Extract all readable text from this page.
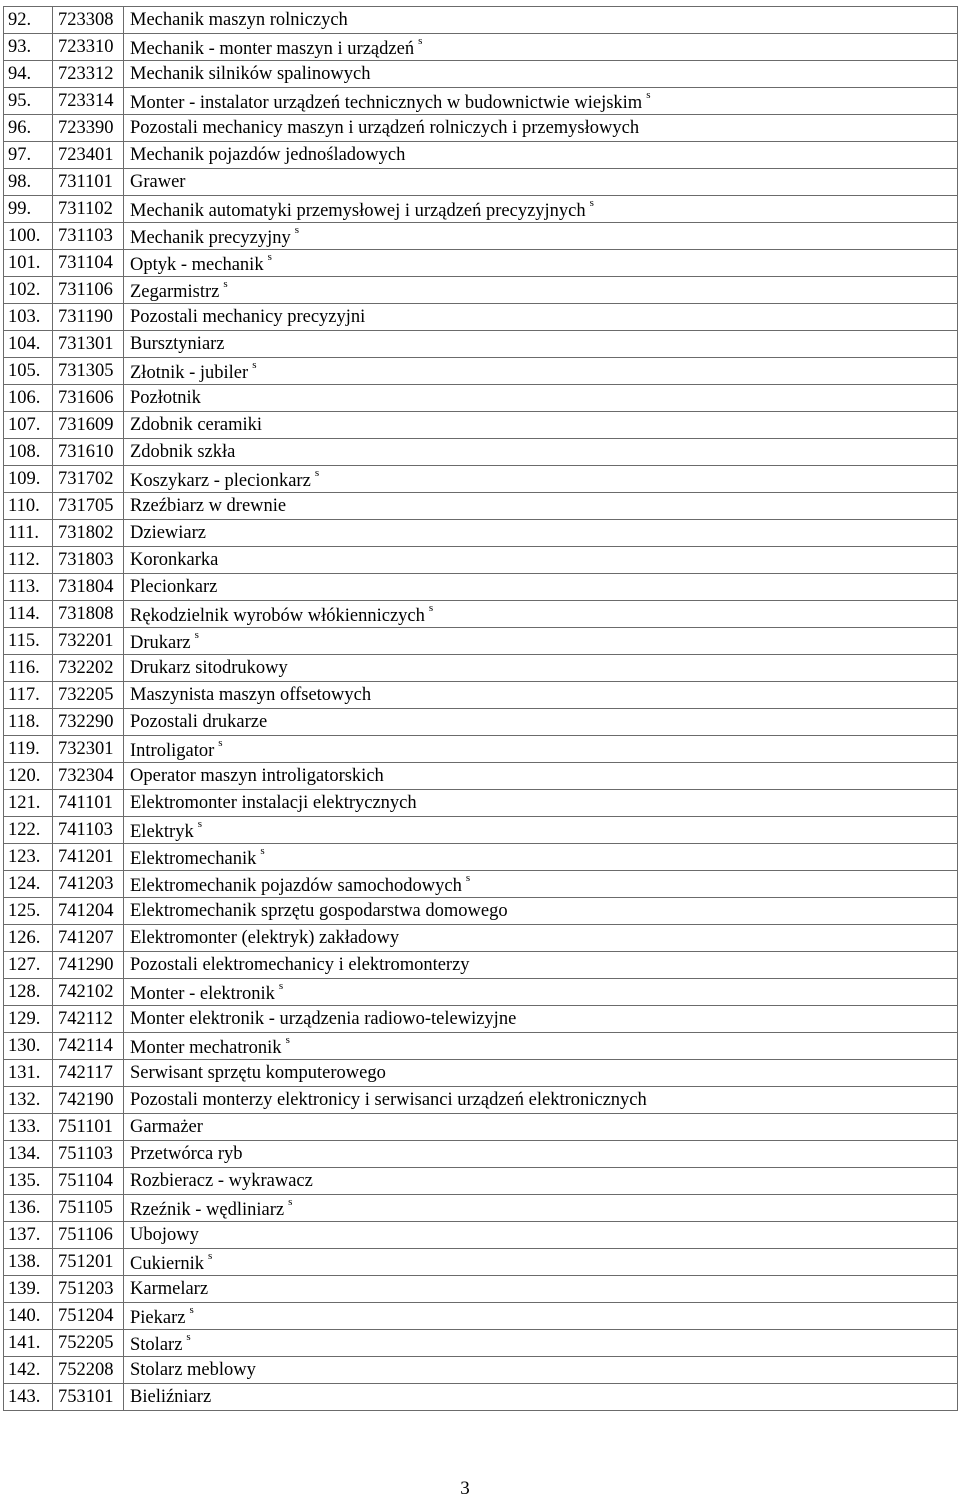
92.	723308	Mechanik maszyn rolniczych
93.	723310	Mechanik - monter maszyn i urządzeń $^s$
94.	723312	Mechanik silników spalinowych
95.	723314	Monter - instalator urządzeń technicznych w budownictwie wiejskim $^s$
96.	723390	Pozostali mechanicy maszyn i urządzeń rolniczych i przemysłowych
97.	723401	Mechanik pojazdów jednośladowych
98.	731101	Grawer
99.	731102	Mechanik automatyki przemysłowej i urządzeń precyzyjnych $^s$
100.	731103	Mechanik precyzyjny $^s$
101.	731104	Optyk - mechanik $^s$
102.	731106	Zegarmistrz $^s$
103.	731190	Pozostali mechanicy precyzyjni
104.	731301	Bursztyniarz
105.	731305	Złotnik - jubiler $^s$
106.	731606	Pozłotnik
107.	731609	Zdobnik ceramiki
108.	731610	Zdobnik szkła
109.	731702	Koszykarz - plecionkarz $^s$
110.	731705	Rzeźbiarz w drewnie
111.	731802	Dziewiarz
112.	731803	Koronkarka
113.	731804	Plecionkarz
114.	731808	Rękodzielnik wyrobów włókienniczych $^s$
115.	732201	Drukarz $^s$
116.	732202	Drukarz sitodrukowy
117.	732205	Maszynista maszyn offsetowych
118.	732290	Pozostali drukarze
119.	732301	Introligator $^s$
120.	732304	Operator maszyn introligatorskich
121.	741101	Elektromonter instalacji elektrycznych
122.	741103	Elektryk $^s$
123.	741201	Elektromechanik $^s$
124.	741203	Elektromechanik pojazdów samochodowych $^s$
125.	741204	Elektromechanik sprzętu gospodarstwa domowego
126.	741207	Elektromonter (elektryk) zakładowy
127.	741290	Pozostali elektromechanicy i elektromonterzy
128.	742102	Monter - elektronik $^s$
129.	742112	Monter elektronik - urządzenia radiowo-telewizyjne
130.	742114	Monter mechatronik $^s$
131.	742117	Serwisant sprzętu komputerowego
132.	742190	Pozostali monterzy elektronicy i serwisanci urządzeń elektronicznych
133.	751101	Garmażer
134.	751103	Przetwórca ryb
135.	751104	Rozbieracz - wykrawacz
136.	751105	Rzeźnik - wędliniarz $^s$
137.	751106	Ubojowy
138.	751201	Cukiernik $^s$
139.	751203	Karmelarz
140.	751204	Piekarz $^s$
141.	752205	Stolarz $^s$
142.	752208	Stolarz meblowy
143.	753101	Bieliźniarz
3
